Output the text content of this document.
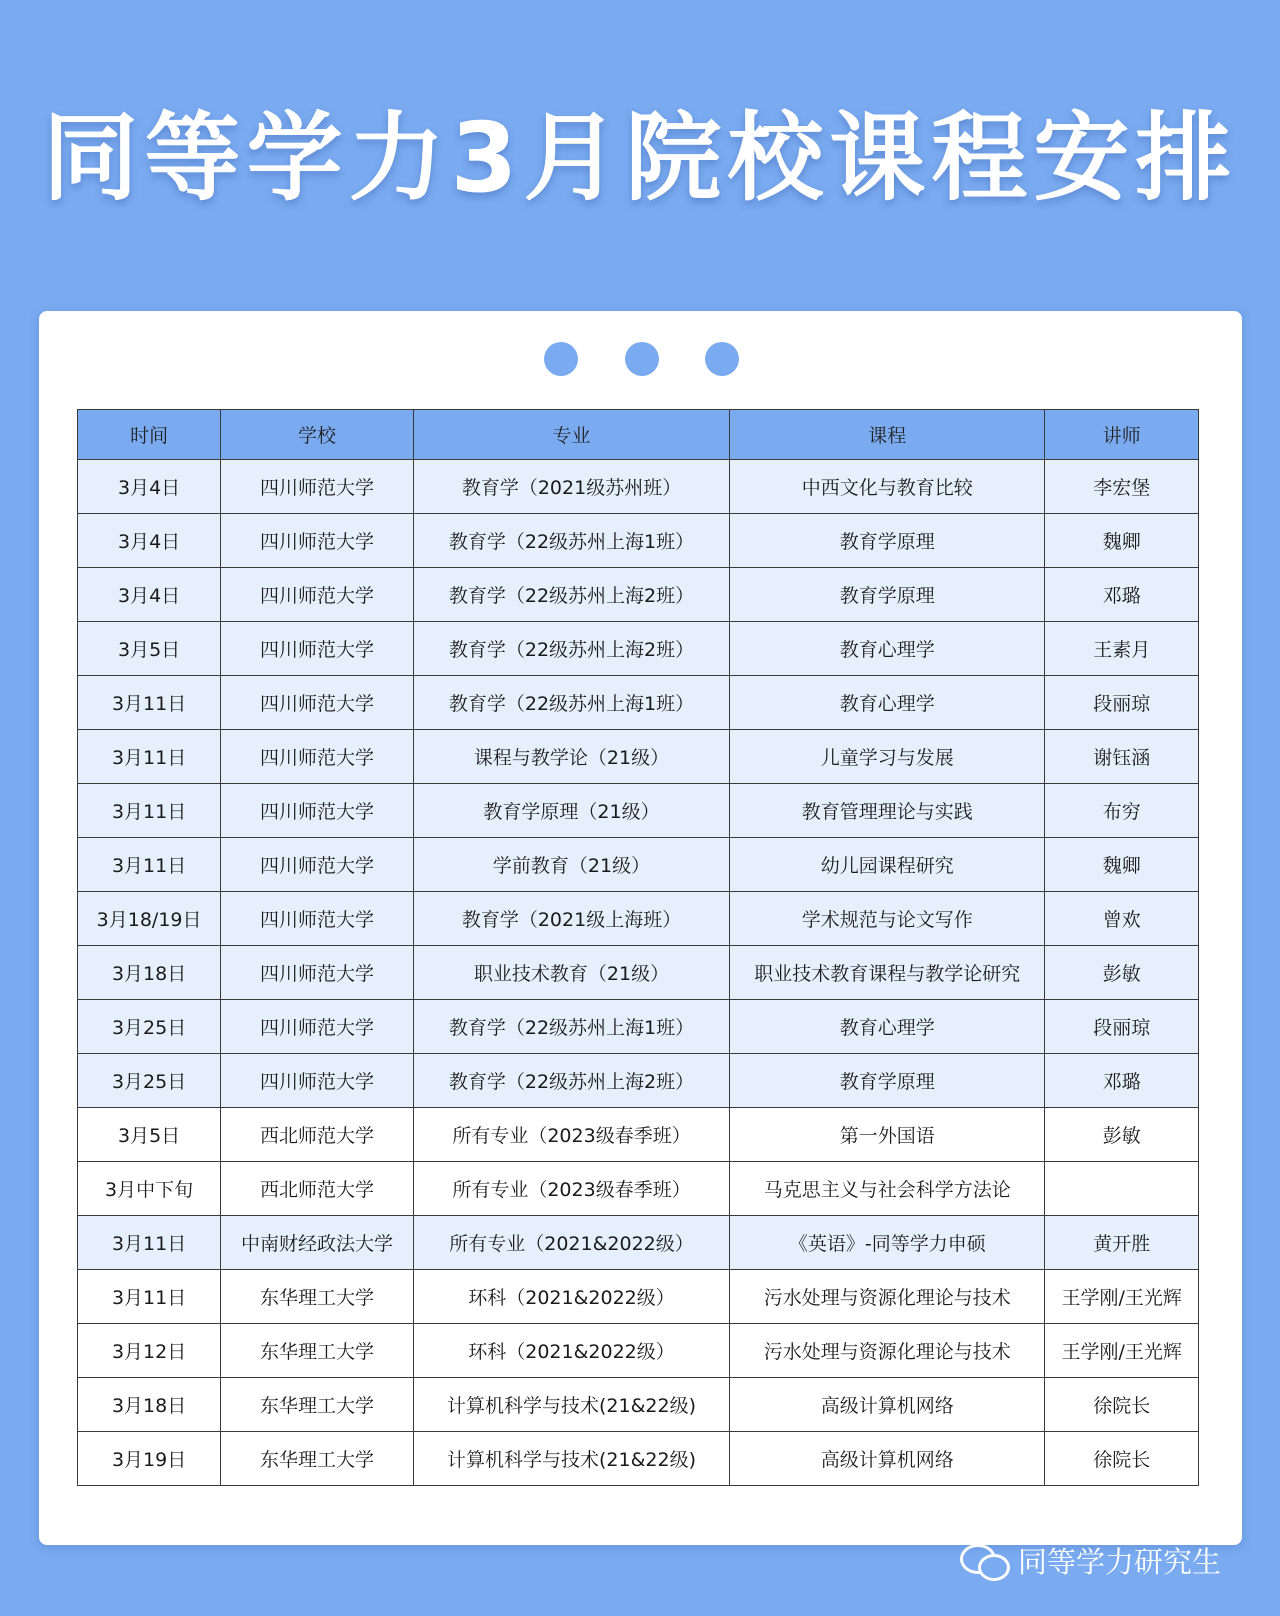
同等学力3月院校课程安排
时间	学校	专业	课程	讲师
3月4日	四川师范大学	教育学（2021级苏州班）	中西文化与教育比较	李宏堡
3月4日	四川师范大学	教育学（22级苏州上海1班）	教育学原理	魏卿
3月4日	四川师范大学	教育学（22级苏州上海2班）	教育学原理	邓璐
3月5日	四川师范大学	教育学（22级苏州上海2班）	教育心理学	王素月
3月11日	四川师范大学	教育学（22级苏州上海1班）	教育心理学	段丽琼
3月11日	四川师范大学	课程与教学论（21级）	儿童学习与发展	谢钰涵
3月11日	四川师范大学	教育学原理（21级）	教育管理理论与实践	布穷
3月11日	四川师范大学	学前教育（21级）	幼儿园课程研究	魏卿
3月18/19日	四川师范大学	教育学（2021级上海班）	学术规范与论文写作	曾欢
3月18日	四川师范大学	职业技术教育（21级）	职业技术教育课程与教学论研究	彭敏
3月25日	四川师范大学	教育学（22级苏州上海1班）	教育心理学	段丽琼
3月25日	四川师范大学	教育学（22级苏州上海2班）	教育学原理	邓璐
3月5日	西北师范大学	所有专业（2023级春季班）	第一外国语	彭敏
3月中下旬	西北师范大学	所有专业（2023级春季班）	马克思主义与社会科学方法论	
3月11日	中南财经政法大学	所有专业（2021&2022级）	《英语》-同等学力申硕	黄开胜
3月11日	东华理工大学	环科（2021&2022级）	污水处理与资源化理论与技术	王学刚/王光辉
3月12日	东华理工大学	环科（2021&2022级）	污水处理与资源化理论与技术	王学刚/王光辉
3月18日	东华理工大学	计算机科学与技术(21&22级)	高级计算机网络	徐院长
3月19日	东华理工大学	计算机科学与技术(21&22级)	高级计算机网络	徐院长
同等学力研究生
